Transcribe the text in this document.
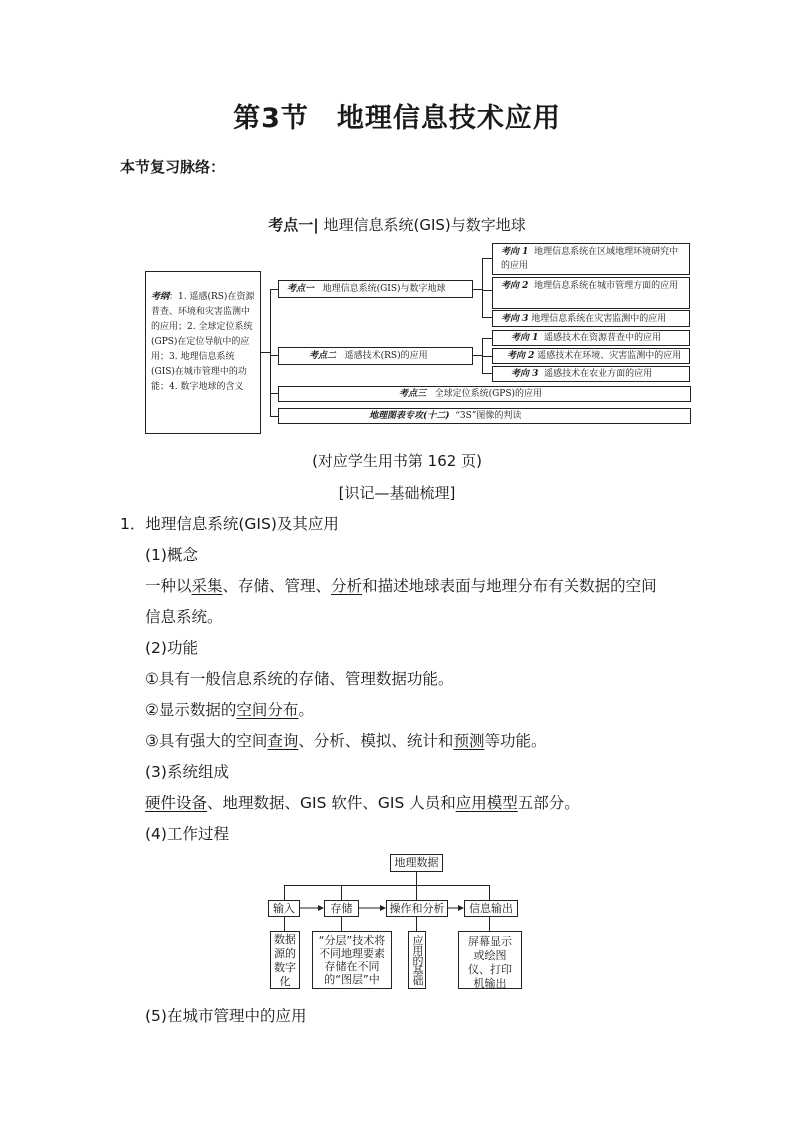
第3节　地理信息技术应用
本节复习脉络：
考点一| 地理信息系统(GIS)与数字地球
考纲：1. 遥感(RS)在资源普查、环境和灾害监测中的应用；2. 全球定位系统(GPS)在定位导航中的应用；3. 地理信息系统(GIS)在城市管理中的功能；4. 数字地球的含义
考点一 地理信息系统(GIS)与数字地球
考向 1 地理信息系统在区域地理环境研究中的应用
考向 2 地理信息系统在城市管理方面的应用
考向 3 地理信息系统在灾害监测中的应用
考点二 遥感技术(RS)的应用
考向 1 遥感技术在资源普查中的应用
考向 2 遥感技术在环境、灾害监测中的应用
考向 3 遥感技术在农业方面的应用
考点三 全球定位系统(GPS)的应用
地理图表专攻(十二) “3S”图像的判读
(对应学生用书第 162 页)
[识记—基础梳理]
1．地理信息系统(GIS)及其应用
(1)概念
一种以采集、存储、管理、分析和描述地球表面与地理分布有关数据的空间
信息系统。
(2)功能
①具有一般信息系统的存储、管理数据功能。
②显示数据的空间分布。
③具有强大的空间查询、分析、模拟、统计和预测等功能。
(3)系统组成
硬件设备、地理数据、GIS 软件、GIS 人员和应用模型五部分。
(4)工作过程
地理数据
输入	存储	操作和分析	信息输出
数据源的数字化
“分层”技术将不同地理要素存储在不同的“图层”中	应用的基础	屏幕显示或绘图仪、打印机输出
(5)在城市管理中的应用
